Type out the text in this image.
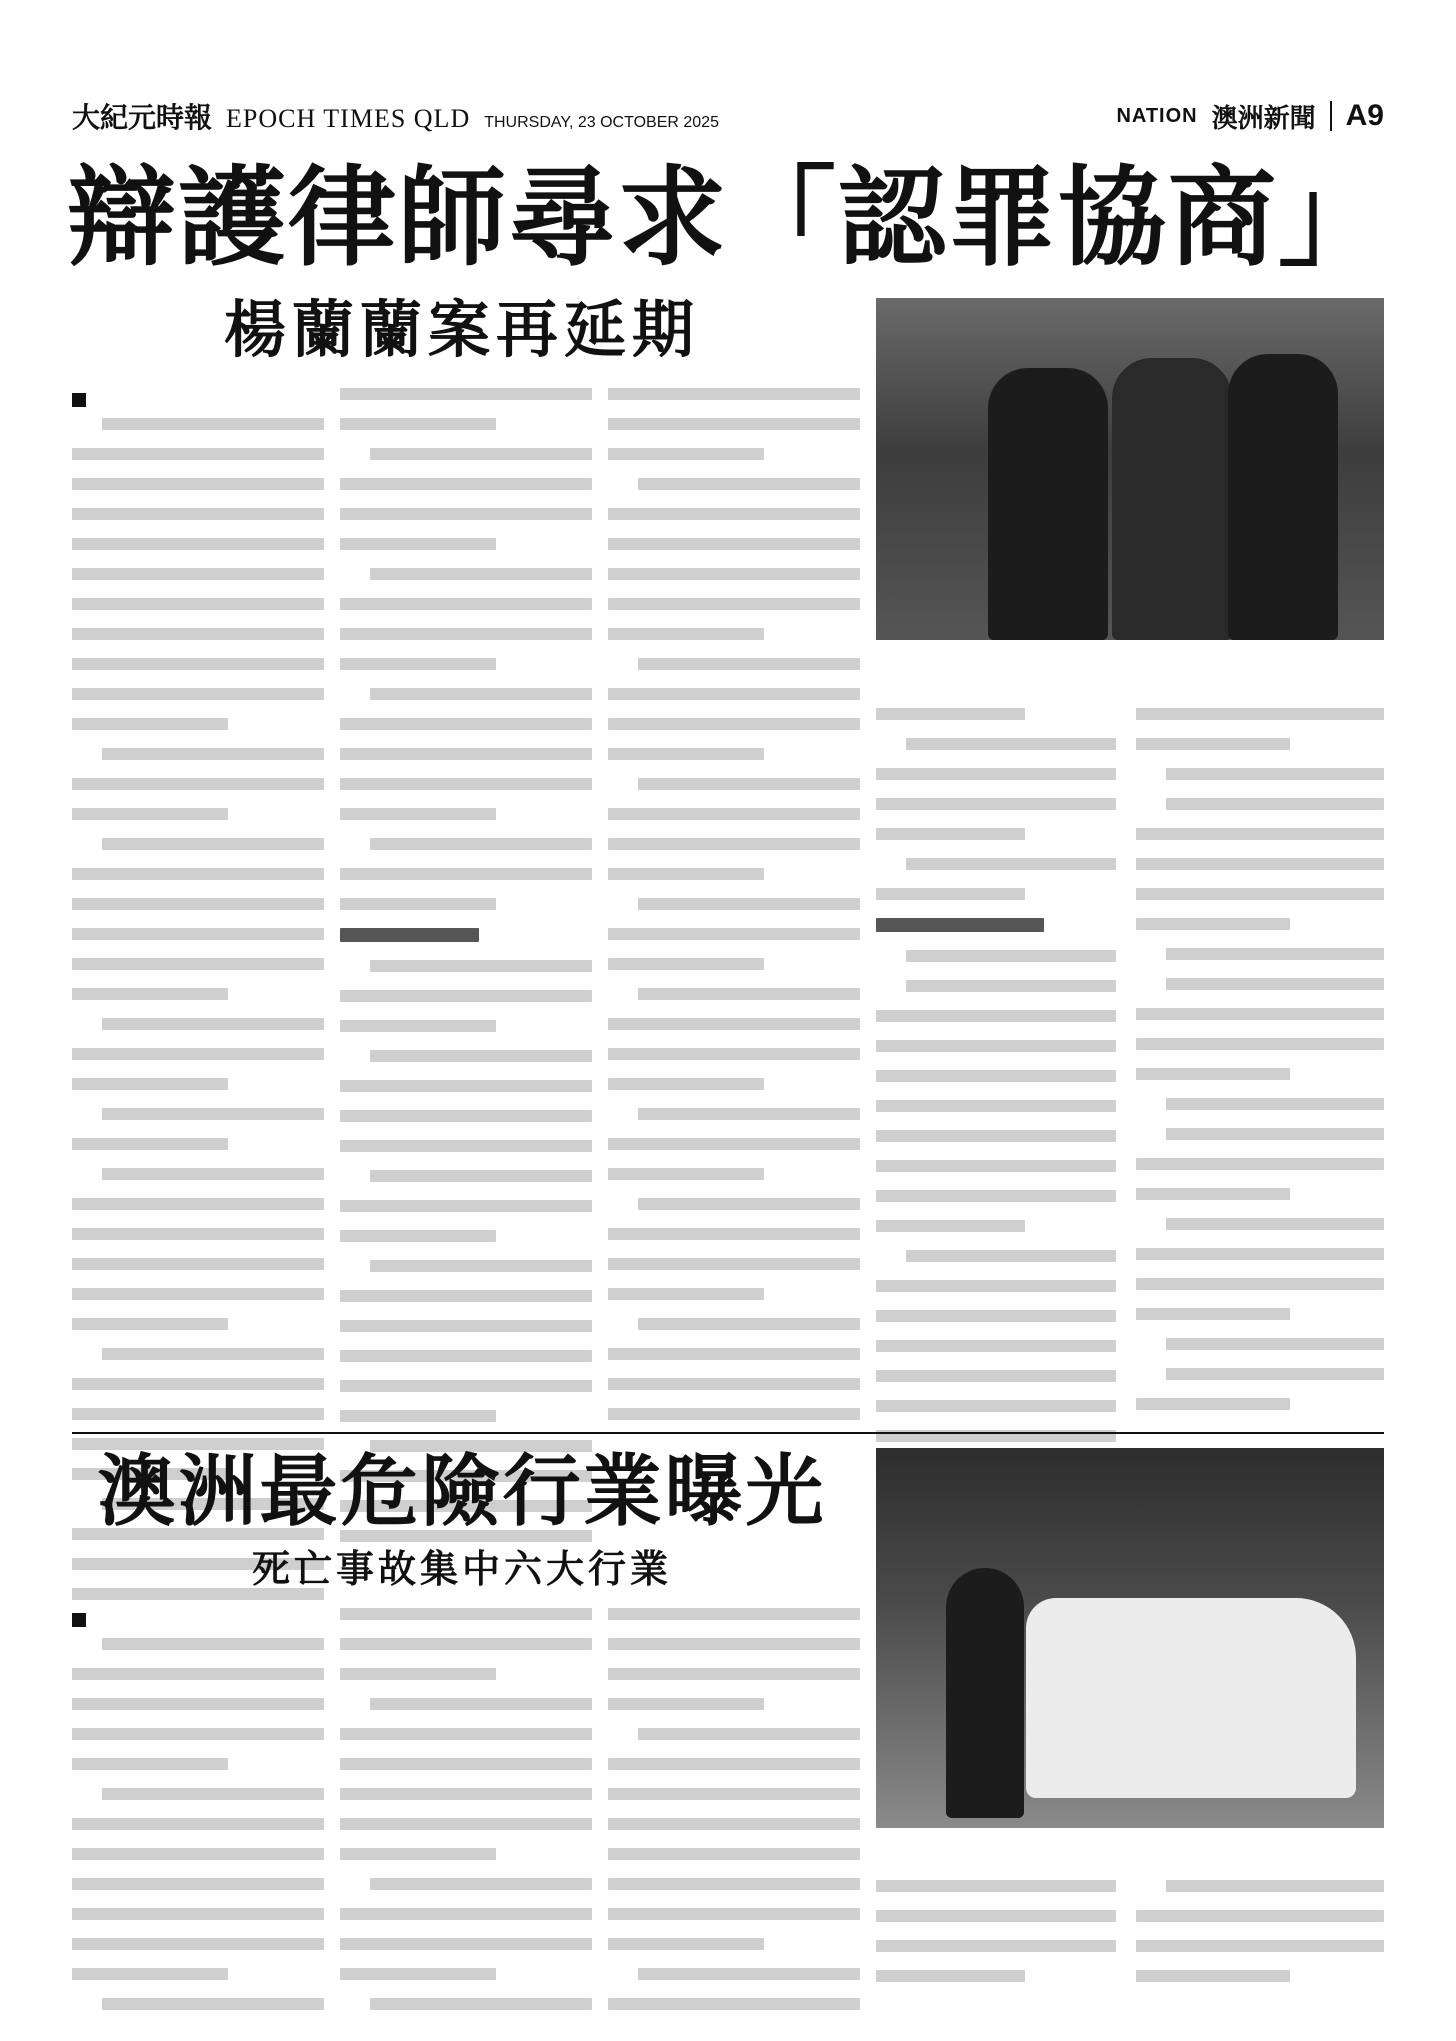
大紀元時報 EPOCH TIMES QLD THURSDAY, 23 OCTOBER 2025	NATION 澳洲新聞 A9
辯護律師尋求「認罪協商」
楊蘭蘭案再延期
澳洲最危險行業曝光
死亡事故集中六大行業
